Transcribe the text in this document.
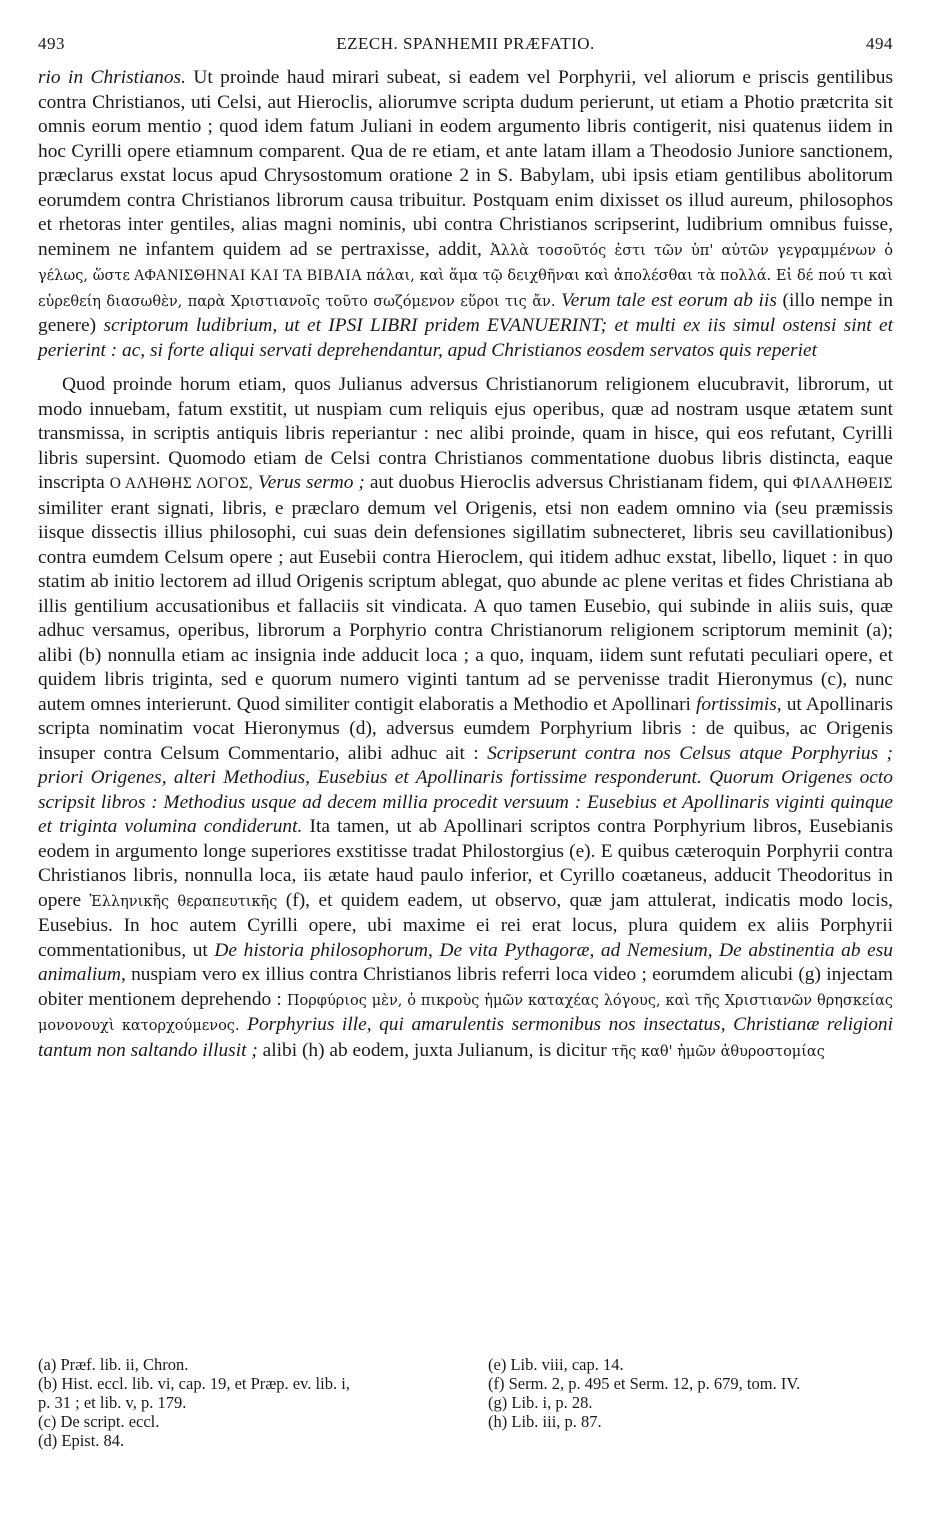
493	EZECH. SPANHEMII PRÆFATIO.	494

rio in Christianos. Ut proinde haud mirari subeat, si eadem vel Porphyrii, vel aliorum e priscis gentilibus contra Christianos, uti Celsi, aut Hieroclis, aliorumve scripta dudum perierunt, ut etiam a Photio prætcrita sit omnis eorum mentio ; quod idem fatum Juliani in eodem argumento libris contigerit, nisi quatenus iidem in hoc Cyrilli opere etiamnum comparent. Qua de re etiam, et ante latam illam a Theodosio Juniore sanctionem, præclarus exstat locus apud Chrysostomum oratione 2 in S. Babylam, ubi ipsis etiam gentilibus abolitorum eorumdem contra Christianos librorum causa tribuitur. Postquam enim dixisset os illud aureum, philosophos et rhetoras inter gentiles, alias magni nominis, ubi contra Christianos scripserint, ludibrium omnibus fuisse, neminem ne infantem quidem ad se pertraxisse, addit, Ἀλλὰ τοσοῦτός ἐστι τῶν ὑπ' αὐτῶν γεγραμμένων ὁ γέλως, ὥστε ΑΦΑΝΙΣΘΗΝΑΙ ΚΑΙ ΤΑ ΒΙΒΛΙΑ πάλαι, καὶ ἅμα τῷ δειχθῆναι καὶ ἀπολέσθαι τὰ πολλά. Εἰ δέ πού τι καὶ εὑρεθείη διασωθὲν, παρὰ Χριστιανοῖς τοῦτο σωζόμενον εὕροι τις ἄν. Verum tale est eorum ab iis (illo nempe in genere) scriptorum ludibrium, ut et IPSI LIBRI pridem EVANUERINT; et multi ex iis simul ostensi sint et perierint : ac, si forte aliqui servati deprehendantur, apud Christianos eosdem servatos quis reperiet

Quod proinde horum etiam, quos Julianus adversus Christianorum religionem elucubravit, librorum, ut modo innuebam, fatum exstitit, ut nuspiam cum reliquis ejus operibus, quæ ad nostram usque ætatem sunt transmissa, in scriptis antiquis libris reperiantur : nec alibi proinde, quam in hisce, qui eos refutant, Cyrilli libris supersint. Quomodo etiam de Celsi contra Christianos commentatione duobus libris distincta, eaque inscripta Ο ΑΛΗΘΗΣ ΛΟΓΟΣ, Verus sermo ; aut duobus Hieroclis adversus Christianam fidem, qui ΦΙΛΑΛΗΘΕΙΣ similiter erant signati, libris, e præclaro demum vel Origenis, etsi non eadem omnino via (seu præmissis iisque dissectis illius philosophi, cui suas dein defensiones sigillatim subnecteret, libris seu cavillationibus) contra eumdem Celsum opere ; aut Eusebii contra Hieroclem, qui itidem adhuc exstat, libello, liquet : in quo statim ab initio lectorem ad illud Origenis scriptum ablegat, quo abunde ac plene veritas et fides Christiana ab illis gentilium accusationibus et fallaciis sit vindicata. A quo tamen Eusebio, qui subinde in aliis suis, quæ adhuc versamus, operibus, librorum a Porphyrio contra Christianorum religionem scriptorum meminit (a); alibi (b) nonnulla etiam ac insignia inde adducit loca ; a quo, inquam, iidem sunt refutati peculiari opere, et quidem libris triginta, sed e quorum numero viginti tantum ad se pervenisse tradit Hieronymus (c), nunc autem omnes interierunt. Quod similiter contigit elaboratis a Methodio et Apollinari fortissimis, ut Apollinaris scripta nominatim vocat Hieronymus (d), adversus eumdem Porphyrium libris : de quibus, ac Origenis insuper contra Celsum Commentario, alibi adhuc ait : Scripserunt contra nos Celsus atque Porphyrius ; priori Origenes, alteri Methodius, Eusebius et Apollinaris fortissime responderunt. Quorum Origenes octo scripsit libros : Methodius usque ad decem millia procedit versuum : Eusebius et Apollinaris viginti quinque et triginta volumina condiderunt. Ita tamen, ut ab Apollinari scriptos contra Porphyrium libros, Eusebianis eodem in argumento longe superiores exstitisse tradat Philostorgius (e). E quibus cæteroquin Porphyrii contra Christianos libris, nonnulla loca, iis ætate haud paulo inferior, et Cyrillo coætaneus, adducit Theodoritus in opere Ἑλληνικῆς θεραπευτικῆς (f), et quidem eadem, ut observo, quæ jam attulerat, indicatis modo locis, Eusebius. In hoc autem Cyrilli opere, ubi maxime ei rei erat locus, plura quidem ex aliis Porphyrii commentationibus, ut De historia philosophorum, De vita Pythagoræ, ad Nemesium, De abstinentia ab esu animalium, nuspiam vero ex illius contra Christianos libris referri loca video ; eorumdem alicubi (g) injectam obiter mentionem deprehendo : Πορφύριος μὲν, ὁ πικροὺς ἡμῶν καταχέας λόγους, καὶ τῆς Χριστιανῶν θρησκείας μονονουχὶ κατορχούμενος. Porphyrius ille, qui amarulentis sermonibus nos insectatus, Christianæ religioni tantum non saltando illusit ; alibi (h) ab eodem, juxta Julianum, is dicitur τῆς καθ' ἡμῶν ἀθυροστομίας

(a) Præf. lib. ii, Chron.
(b) Hist. eccl. lib. vi, cap. 19, et Præp. ev. lib. i,
p. 31 ; et lib. v, p. 179.
(c) De script. eccl.
(d) Epist. 84.
(e) Lib. viii, cap. 14.
(f) Serm. 2, p. 495 et Serm. 12, p. 679, tom. IV.
(g) Lib. i, p. 28.
(h) Lib. iii, p. 87.
